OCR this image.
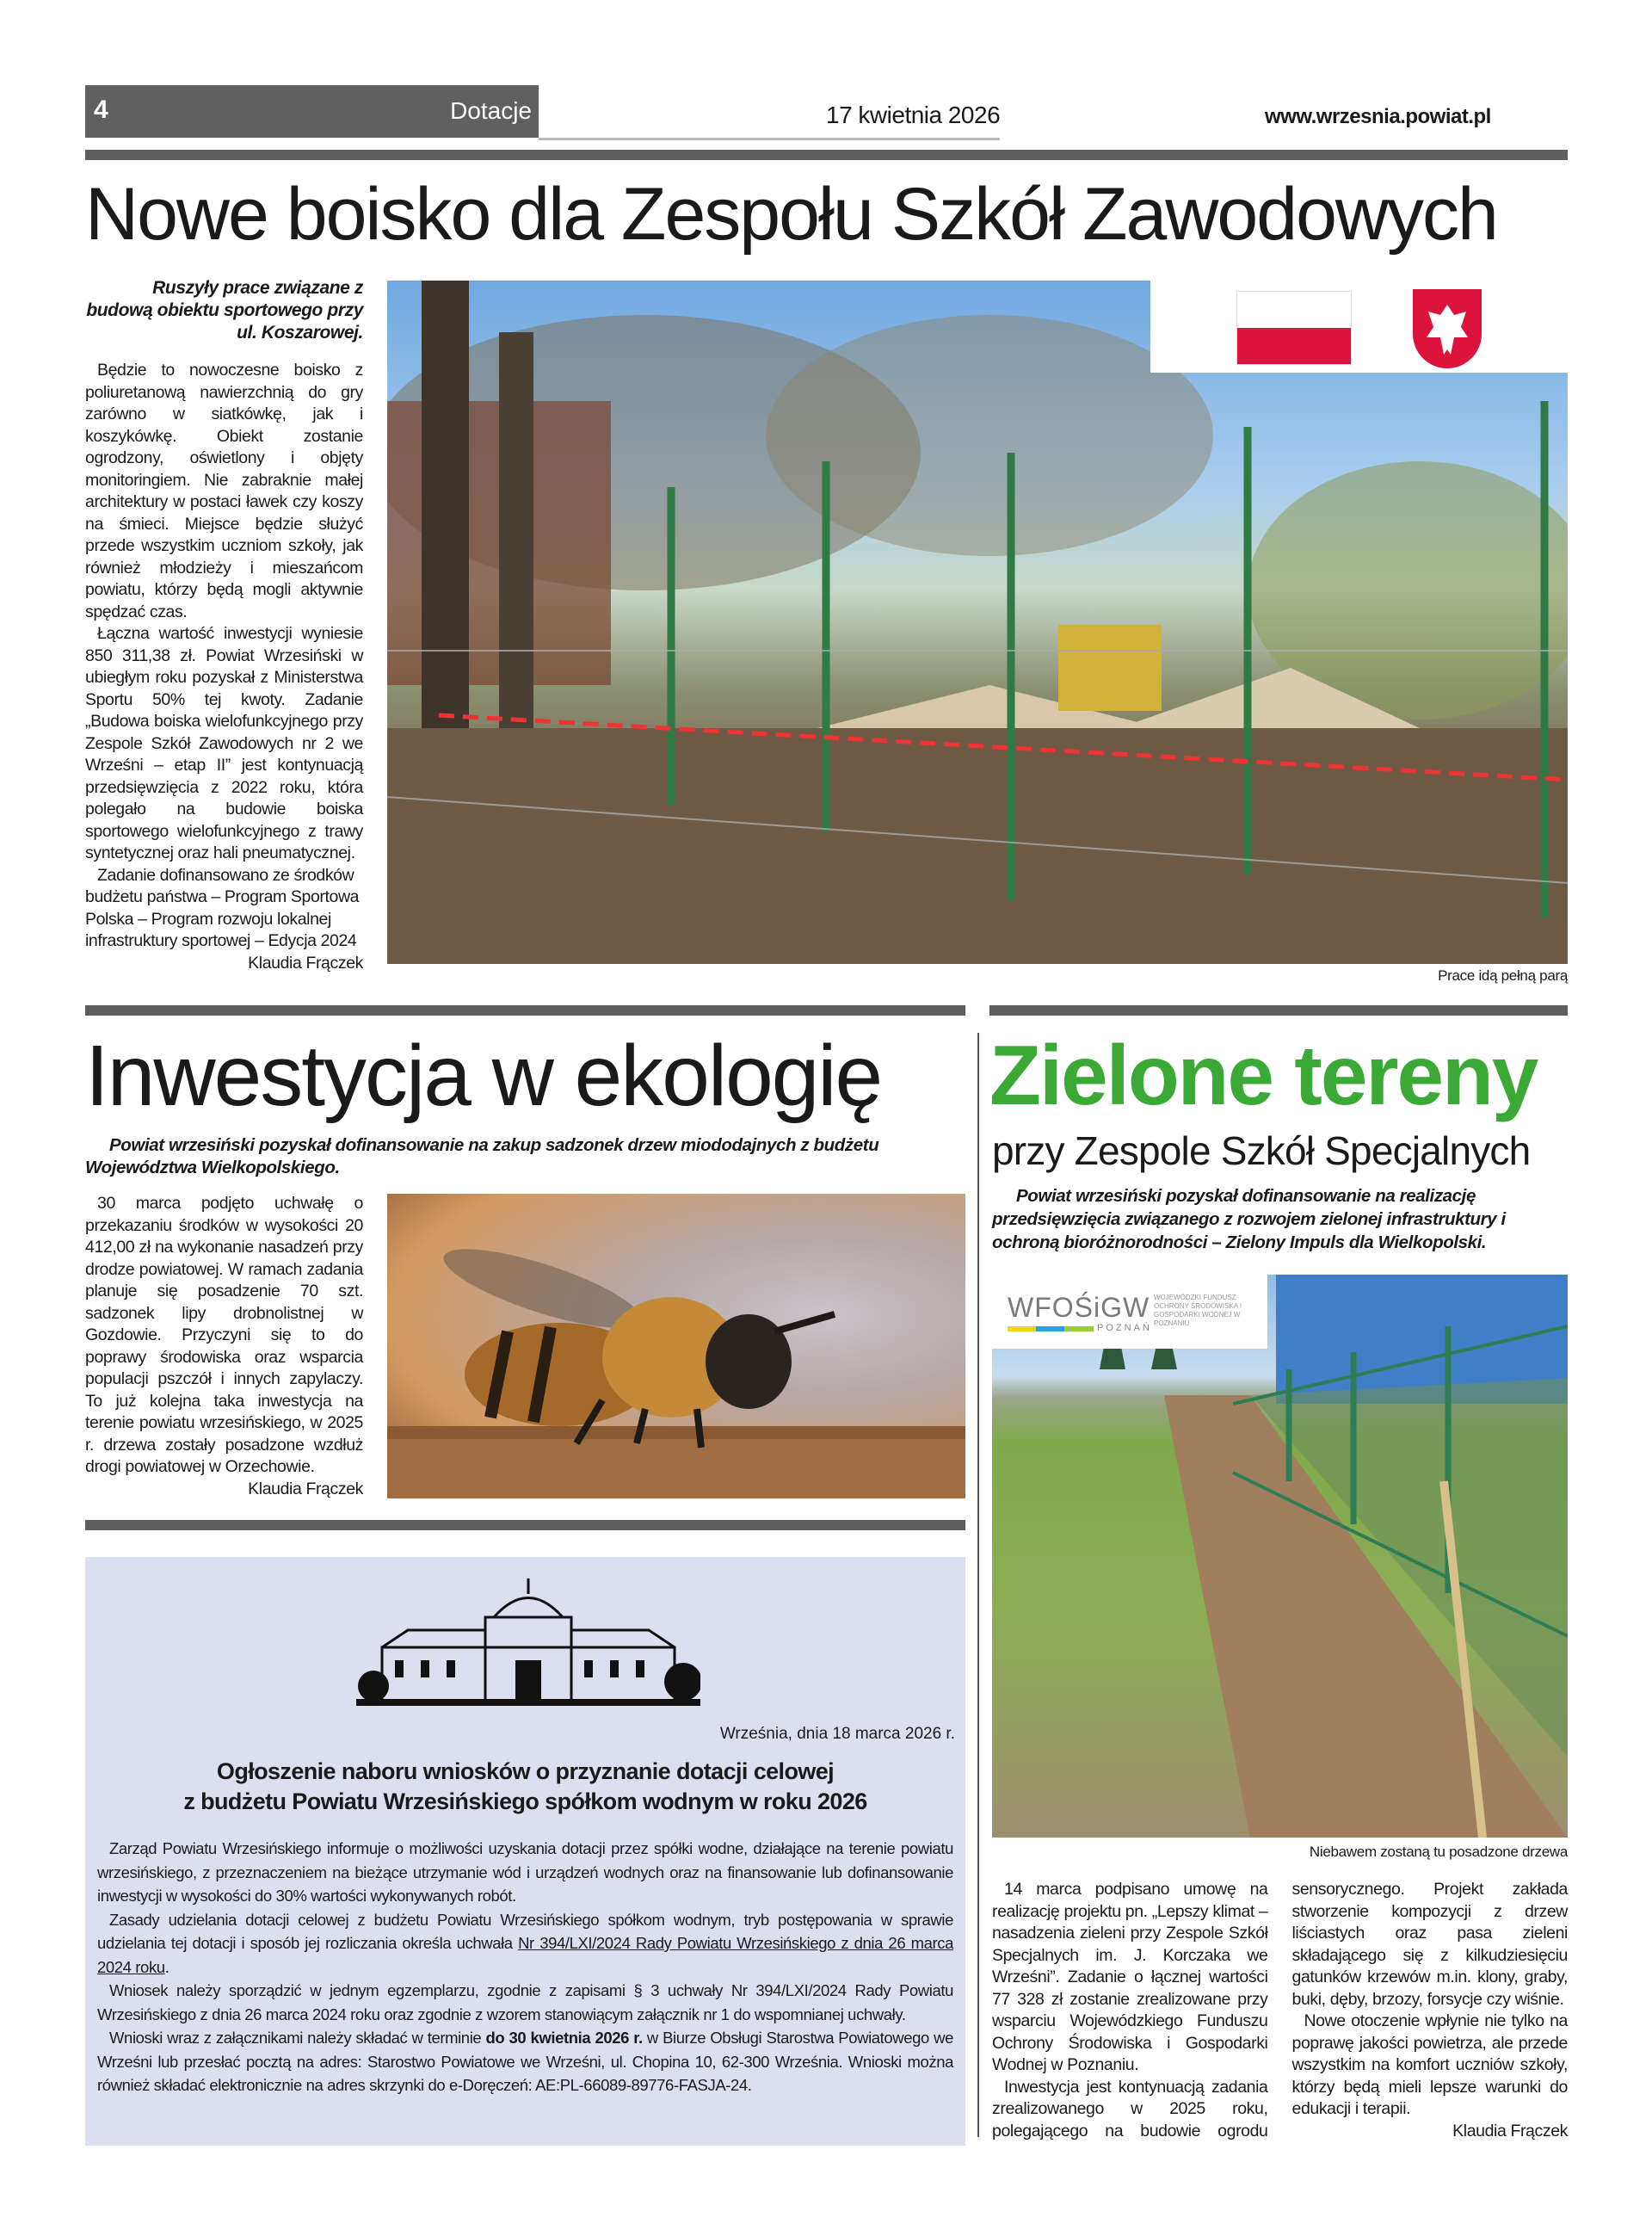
4	Dotacje	17 kwietnia 2026	www.wrzesnia.powiat.pl
Nowe boisko dla Zespołu Szkół Zawodowych
Ruszyły prace związane z budową obiektu sportowego przy ul. Koszarowej.

Będzie to nowoczesne boisko z poliuretanową nawierzchnią do gry zarówno w siatkówkę, jak i koszykówkę. Obiekt zostanie ogrodzony, oświetlony i objęty monitoringiem. Nie zabraknie małej architektury w postaci ławek czy koszy na śmieci. Miejsce będzie służyć przede wszystkim uczniom szkoły, jak również młodzieży i mieszańcom powiatu, którzy będą mogli aktywnie spędzać czas.

Łączna wartość inwestycji wyniesie 850 311,38 zł. Powiat Wrzesiński w ubiegłym roku pozyskał z Ministerstwa Sportu 50% tej kwoty. Zadanie „Budowa boiska wielofunkcyjnego przy Zespole Szkół Zawodowych nr 2 we Wrześni – etap II” jest kontynuacją przedsięwzięcia z 2022 roku, która polegało na budowie boiska sportowego wielofunkcyjnego z trawy syntetycznej oraz hali pneumatycznej.

Zadanie dofinansowano ze środków budżetu państwa – Program Sportowa Polska – Program rozwoju lokalnej infrastruktury sportowej – Edycja 2024

Klaudia Frączek
Prace idą pełną parą
Inwestycja w ekologię
Powiat wrzesiński pozyskał dofinansowanie na zakup sadzonek drzew miododajnych z budżetu Województwa Wielkopolskiego.

30 marca podjęto uchwałę o przekazaniu środków w wysokości 20 412,00 zł na wykonanie nasadzeń przy drodze powiatowej. W ramach zadania planuje się posadzenie 70 szt. sadzonek lipy drobnolistnej w Gozdowie. Przyczyni się to do poprawy środowiska oraz wsparcia populacji pszczół i innych zapylaczy. To już kolejna taka inwestycja na terenie powiatu wrzesińskiego, w 2025 r. drzewa zostały posadzone wzdłuż drogi powiatowej w Orzechowie.

Klaudia Frączek
Września, dnia 18 marca 2026 r.
Ogłoszenie naboru wniosków o przyznanie dotacji celowej
z budżetu Powiatu Wrzesińskiego spółkom wodnym w roku 2026

Zarząd Powiatu Wrzesińskiego informuje o możliwości uzyskania dotacji przez spółki wodne, działające na terenie powiatu wrzesińskiego, z przeznaczeniem na bieżące utrzymanie wód i urządzeń wodnych oraz na finansowanie lub dofinansowanie inwestycji w wysokości do 30% wartości wykonywanych robót.

Zasady udzielania dotacji celowej z budżetu Powiatu Wrzesińskiego spółkom wodnym, tryb postępowania w sprawie udzielania tej dotacji i sposób jej rozliczania określa uchwała Nr 394/LXI/2024 Rady Powiatu Wrzesińskiego z dnia 26 marca 2024 roku.

Wniosek należy sporządzić w jednym egzemplarzu, zgodnie z zapisami § 3 uchwały Nr 394/LXI/2024 Rady Powiatu Wrzesińskiego z dnia 26 marca 2024 roku oraz zgodnie z wzorem stanowiącym załącznik nr 1 do wspomnianej uchwały.

Wnioski wraz z załącznikami należy składać w terminie do 30 kwietnia 2026 r. w Biurze Obsługi Starostwa Powiatowego we Wrześni lub przesłać pocztą na adres: Starostwo Powiatowe we Wrześni, ul. Chopina 10, 62-300 Września. Wnioski można również składać elektronicznie na adres skrzynki do e-Doręczeń: AE:PL-66089-89776-FASJA-24.

Zielone tereny
przy Zespole Szkół Specjalnych
Powiat wrzesiński pozyskał dofinansowanie na realizację przedsięwzięcia związanego z rozwojem zielonej infrastruktury i ochroną bioróżnorodności – Zielony Impuls dla Wielkopolski.
WFOŚiGW
POZNAŃ
WOJEWÓDZKI FUNDUSZ OCHRONY ŚRODOWISKA I GOSPODARKI WODNEJ W POZNANIU
Niebawem zostaną tu posadzone drzewa

14 marca podpisano umowę na realizację projektu pn. „Lepszy klimat – nasadzenia zieleni przy Zespole Szkół Specjalnych im. J. Korczaka we Wrześni”. Zadanie o łącznej wartości 77 328 zł zostanie zrealizowane przy wsparciu Wojewódzkiego Funduszu Ochrony Środowiska i Gospodarki Wodnej w Poznaniu.

Inwestycja jest kontynuacją zadania zrealizowanego w 2025 roku, polegającego na budowie ogrodu sensorycznego. Projekt zakłada stworzenie kompozycji z drzew liściastych oraz pasa zieleni składającego się z kilkudziesięciu gatunków krzewów m.in. klony, graby, buki, dęby, brzozy, forsycje czy wiśnie.

Nowe otoczenie wpłynie nie tylko na poprawę jakości powietrza, ale przede wszystkim na komfort uczniów szkoły, którzy będą mieli lepsze warunki do edukacji i terapii.

Klaudia Frączek
